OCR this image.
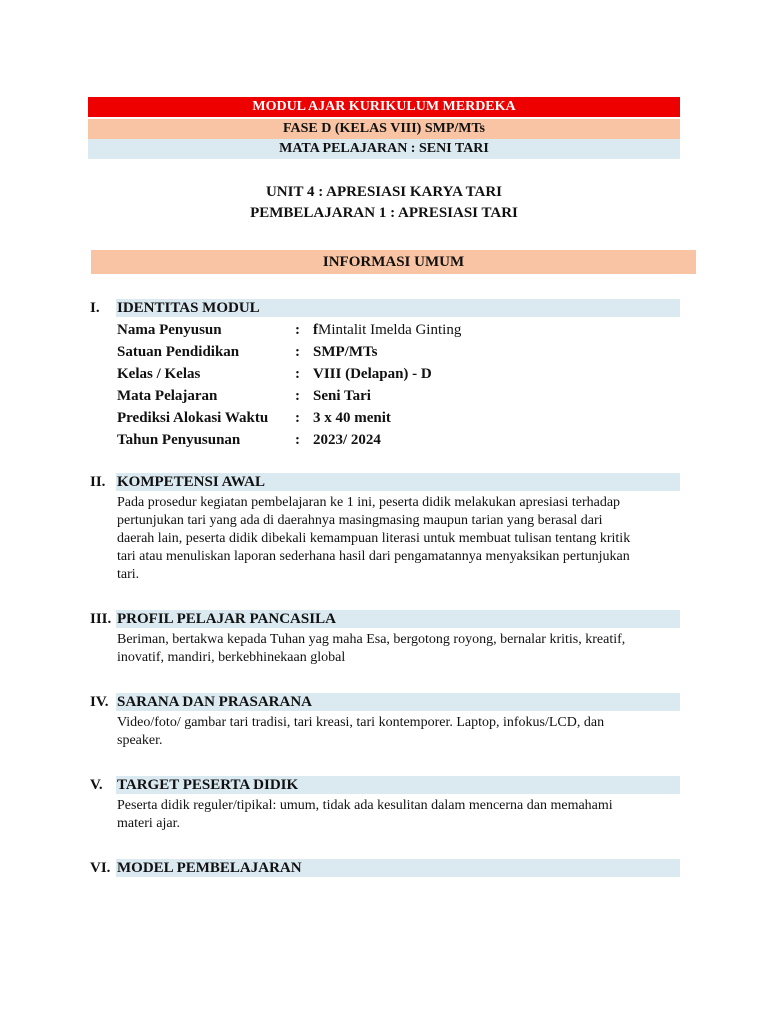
MODUL AJAR KURIKULUM MERDEKA
FASE D (KELAS VIII) SMP/MTs
MATA PELAJARAN : SENI TARI
UNIT 4 : APRESIASI KARYA TARI
PEMBELAJARAN 1 : APRESIASI TARI
INFORMASI UMUM
I. IDENTITAS MODUL
Nama Penyusun	: fMintalit Imelda Ginting
Satuan Pendidikan	: SMP/MTs
Kelas / Kelas	: VIII (Delapan) - D
Mata Pelajaran	: Seni Tari
Prediksi Alokasi Waktu : 3 x 40 menit
Tahun Penyusunan	: 2023/ 2024
II. KOMPETENSI AWAL
Pada prosedur kegiatan pembelajaran ke 1 ini, peserta didik melakukan apresiasi terhadap
pertunjukan tari yang ada di daerahnya masingmasing maupun tarian yang berasal dari
daerah lain, peserta didik dibekali kemampuan literasi untuk membuat tulisan tentang kritik
tari atau menuliskan laporan sederhana hasil dari pengamatannya menyaksikan pertunjukan
tari.
III. PROFIL PELAJAR PANCASILA
Beriman, bertakwa kepada Tuhan yag maha Esa, bergotong royong, bernalar kritis, kreatif,
inovatif, mandiri, berkebhinekaan global
IV. SARANA DAN PRASARANA
Video/foto/ gambar tari tradisi, tari kreasi, tari kontemporer. Laptop, infokus/LCD, dan
speaker.
V. TARGET PESERTA DIDIK
Peserta didik reguler/tipikal: umum, tidak ada kesulitan dalam mencerna dan memahami
materi ajar.
VI. MODEL PEMBELAJARAN
